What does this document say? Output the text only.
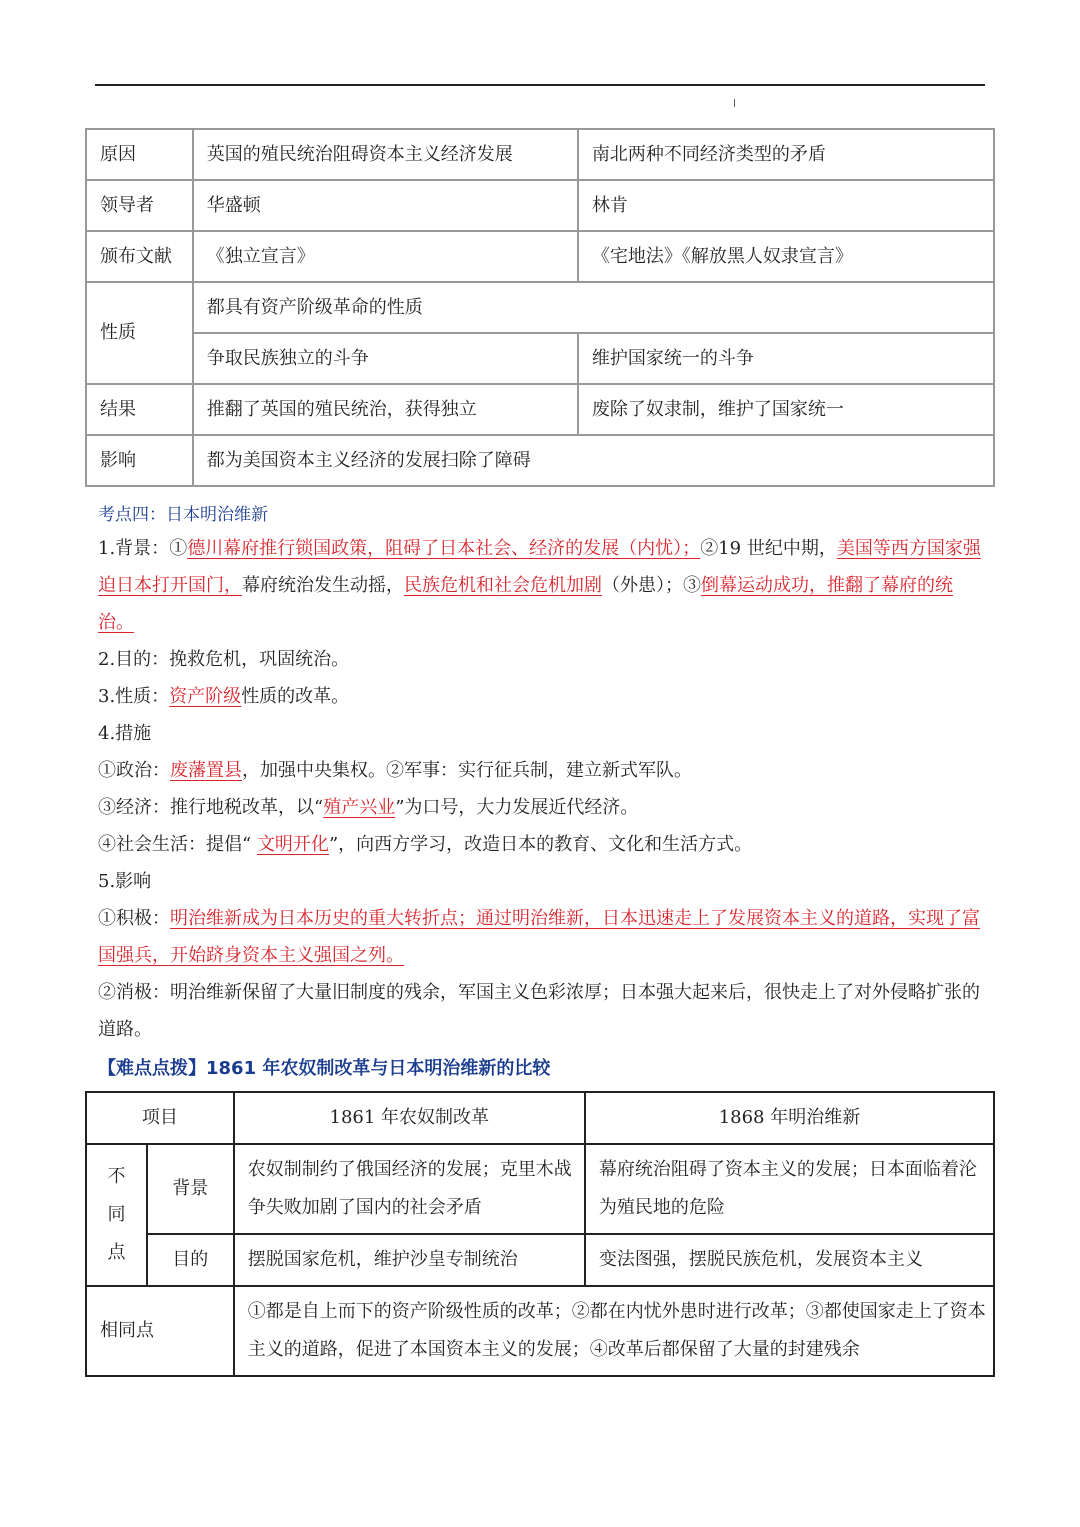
原因	英国的殖民统治阻碍资本主义经济发展	南北两种不同经济类型的矛盾
领导者	华盛顿	林肯
颁布文献	《独立宣言》	《宅地法》《解放黑人奴隶宣言》
性质	都具有资产阶级革命的性质	
	争取民族独立的斗争	维护国家统一的斗争
结果	推翻了英国的殖民统治，获得独立	废除了奴隶制，维护了国家统一
影响	都为美国资本主义经济的发展扫除了障碍	
考点四：日本明治维新
1.背景：①德川幕府推行锁国政策，阻碍了日本社会、经济的发展（内忧）；②19 世纪中期，美国等西方国家强迫日本打开国门，幕府统治发生动摇，民族危机和社会危机加剧（外患）；③倒幕运动成功，推翻了幕府的统治。
2.目的：挽救危机，巩固统治。
3.性质：资产阶级性质的改革。
4.措施
①政治：废藩置县，加强中央集权。②军事：实行征兵制，建立新式军队。
③经济：推行地税改革，以“殖产兴业”为口号，大力发展近代经济。
④社会生活：提倡“ 文明开化”，向西方学习，改造日本的教育、文化和生活方式。
5.影响
①积极：明治维新成为日本历史的重大转折点；通过明治维新，日本迅速走上了发展资本主义的道路，实现了富国强兵，开始跻身资本主义强国之列。
②消极：明治维新保留了大量旧制度的残余，军国主义色彩浓厚；日本强大起来后，很快走上了对外侵略扩张的道路。
【难点点拨】1861 年农奴制改革与日本明治维新的比较
项目		1861 年农奴制改革	1868 年明治维新

不
同
点	背景	农奴制制约了俄国经济的发展；克里木战争失败加剧了国内的社会矛盾	幕府统治阻碍了资本主义的发展；日本面临着沦为殖民地的危险
	目的	摆脱国家危机，维护沙皇专制统治	变法图强，摆脱民族危机，发展资本主义
相同点		①都是自上而下的资产阶级性质的改革；②都在内忧外患时进行改革；③都使国家走上了资本主义的道路，促进了本国资本主义的发展；④改革后都保留了大量的封建残余	
